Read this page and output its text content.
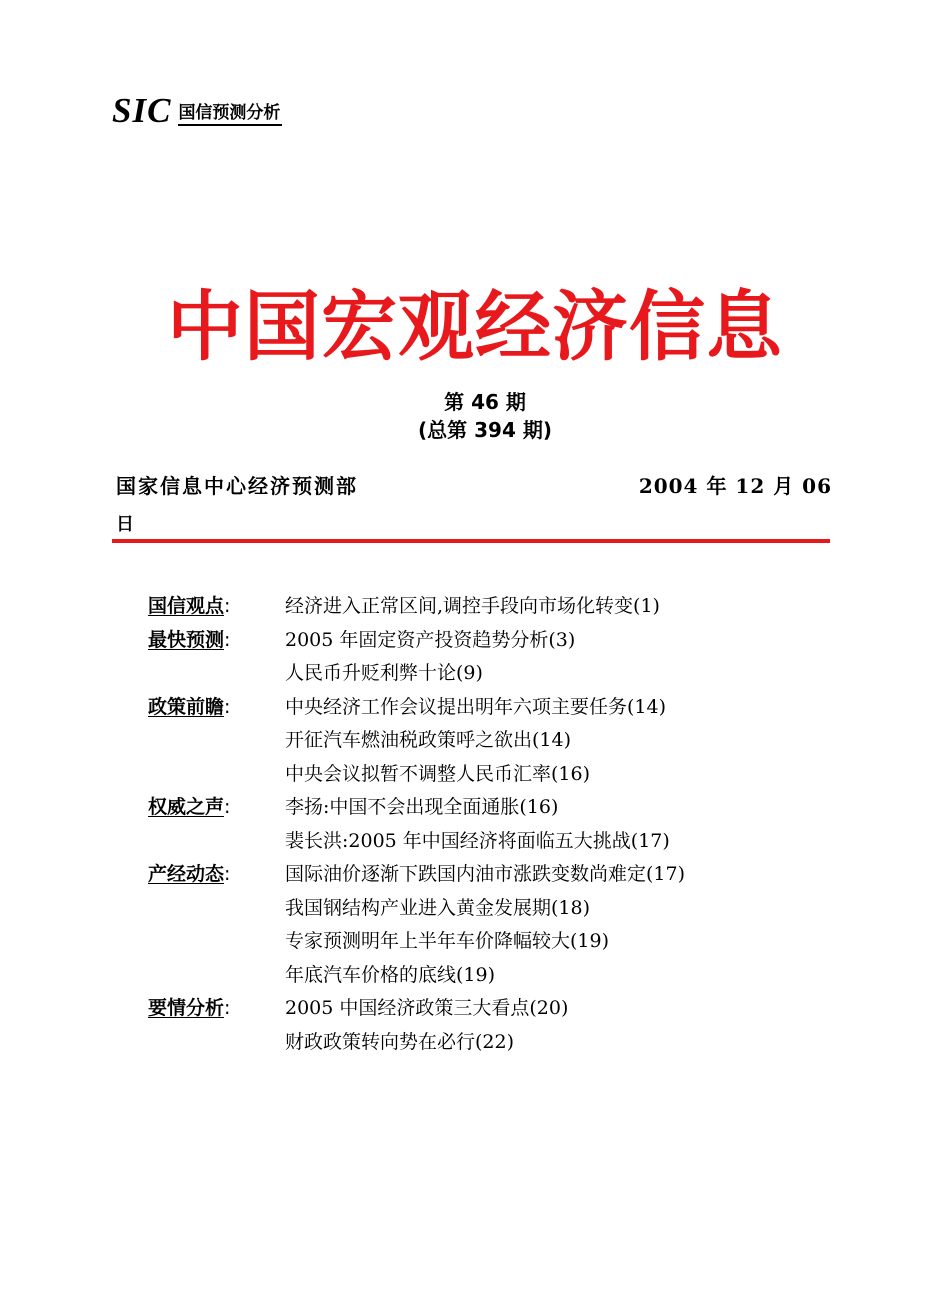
SIC 国信预测分析
中国宏观经济信息
第 46 期
(总第 394 期)
国家信息中心经济预测部	2004 年 12 月 06
日
国信观点:	经济进入正常区间,调控手段向市场化转变(1)
最快预测:	2005 年固定资产投资趋势分析(3)
人民币升贬利弊十论(9)
政策前瞻:	中央经济工作会议提出明年六项主要任务(14)
开征汽车燃油税政策呼之欲出(14)
中央会议拟暂不调整人民币汇率(16)
权威之声:	李扬:中国不会出现全面通胀(16)
裴长洪:2005 年中国经济将面临五大挑战(17)
产经动态:	国际油价逐渐下跌国内油市涨跌变数尚难定(17)
我国钢结构产业进入黄金发展期(18)
专家预测明年上半年车价降幅较大(19)
年底汽车价格的底线(19)
要情分析:	2005 中国经济政策三大看点(20)
财政政策转向势在必行(22)
